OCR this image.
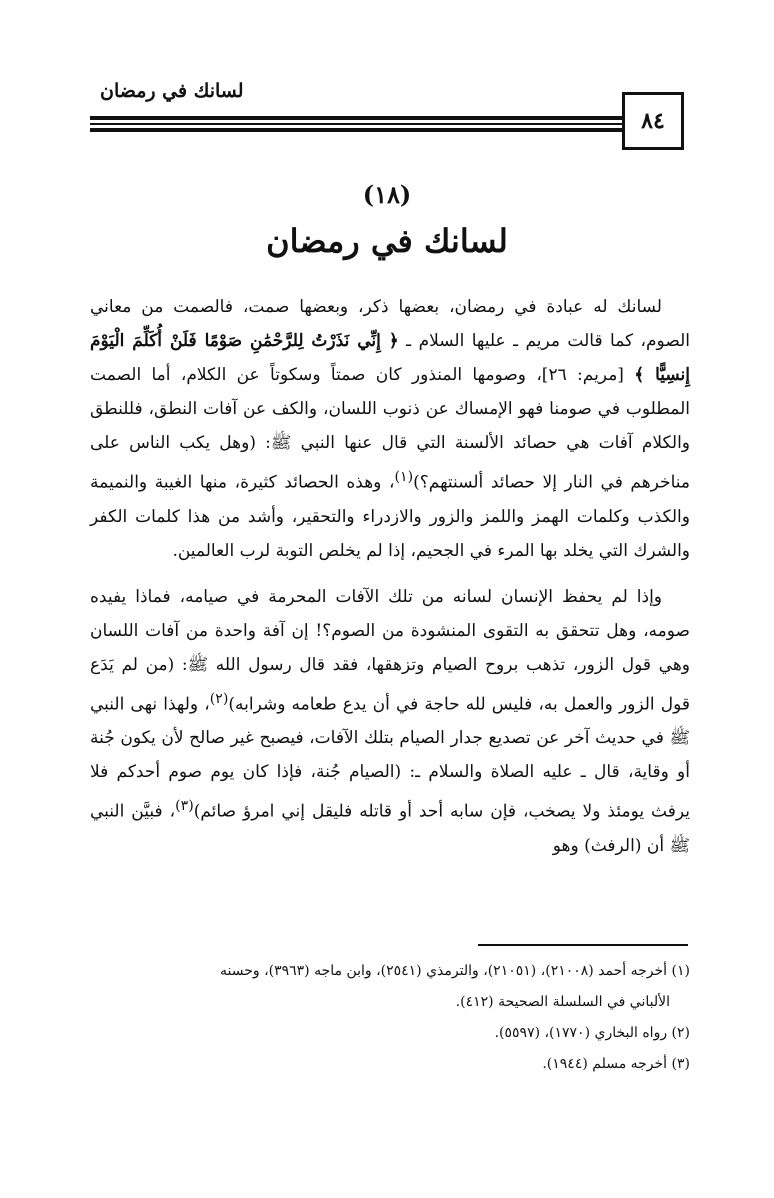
لسانك في رمضان
٨٤
(١٨)
لسانك في رمضان

لسانك له عبادة في رمضان، بعضها ذكر، وبعضها صمت، فالصمت من معاني الصوم، كما قالت مريم ـ عليها السلام ـ ﴿ إِنِّي نَذَرْتُ لِلرَّحْمَٰنِ صَوْمًا فَلَنْ أُكَلِّمَ الْيَوْمَ إِنسِيًّا ﴾ [مريم: ٢٦]، وصومها المنذور كان صمتاً وسكوتاً عن الكلام، أما الصمت المطلوب في صومنا فهو الإمساك عن ذنوب اللسان، والكف عن آفات النطق، فللنطق والكلام آفات هي حصائد الألسنة التي قال عنها النبي ﷺ: (وهل يكب الناس على مناخرهم في النار إلا حصائد ألسنتهم؟)$^{(١)}$، وهذه الحصائد كثيرة، منها الغيبة والنميمة والكذب وكلمات الهمز واللمز والزور والازدراء والتحقير، وأشد من هذا كلمات الكفر والشرك التي يخلد بها المرء في الجحيم، إذا لم يخلص التوبة لرب العالمين.

وإذا لم يحفظ الإنسان لسانه من تلك الآفات المحرمة في صيامه، فماذا يفيده صومه، وهل تتحقق به التقوى المنشودة من الصوم؟! إن آفة واحدة من آفات اللسان وهي قول الزور، تذهب بروح الصيام وتزهقها، فقد قال رسول الله ﷺ: (من لم يَدَع قول الزور والعمل به، فليس لله حاجة في أن يدع طعامه وشرابه)$^{(٢)}$، ولهذا نهى النبي ﷺ في حديث آخر عن تصديع جدار الصيام بتلك الآفات، فيصبح غير صالح لأن يكون جُنة أو وقاية، قال ـ عليه الصلاة والسلام ـ: (الصيام جُنة، فإذا كان يوم صوم أحدكم فلا يرفث يومئذ ولا يصخب، فإن سابه أحد أو قاتله فليقل إني امرؤ صائم)$^{(٣)}$، فبيَّن النبي ﷺ أن (الرفث) وهو

(١) أخرجه أحمد (٢١٠٠٨)، (٢١٠٥١)، والترمذي (٢٥٤١)، وابن ماجه (٣٩٦٣)، وحسنه

الألباني في السلسلة الصحيحة (٤١٢).

(٢) رواه البخاري (١٧٧٠)، (٥٥٩٧).

(٣) أخرجه مسلم (١٩٤٤).
